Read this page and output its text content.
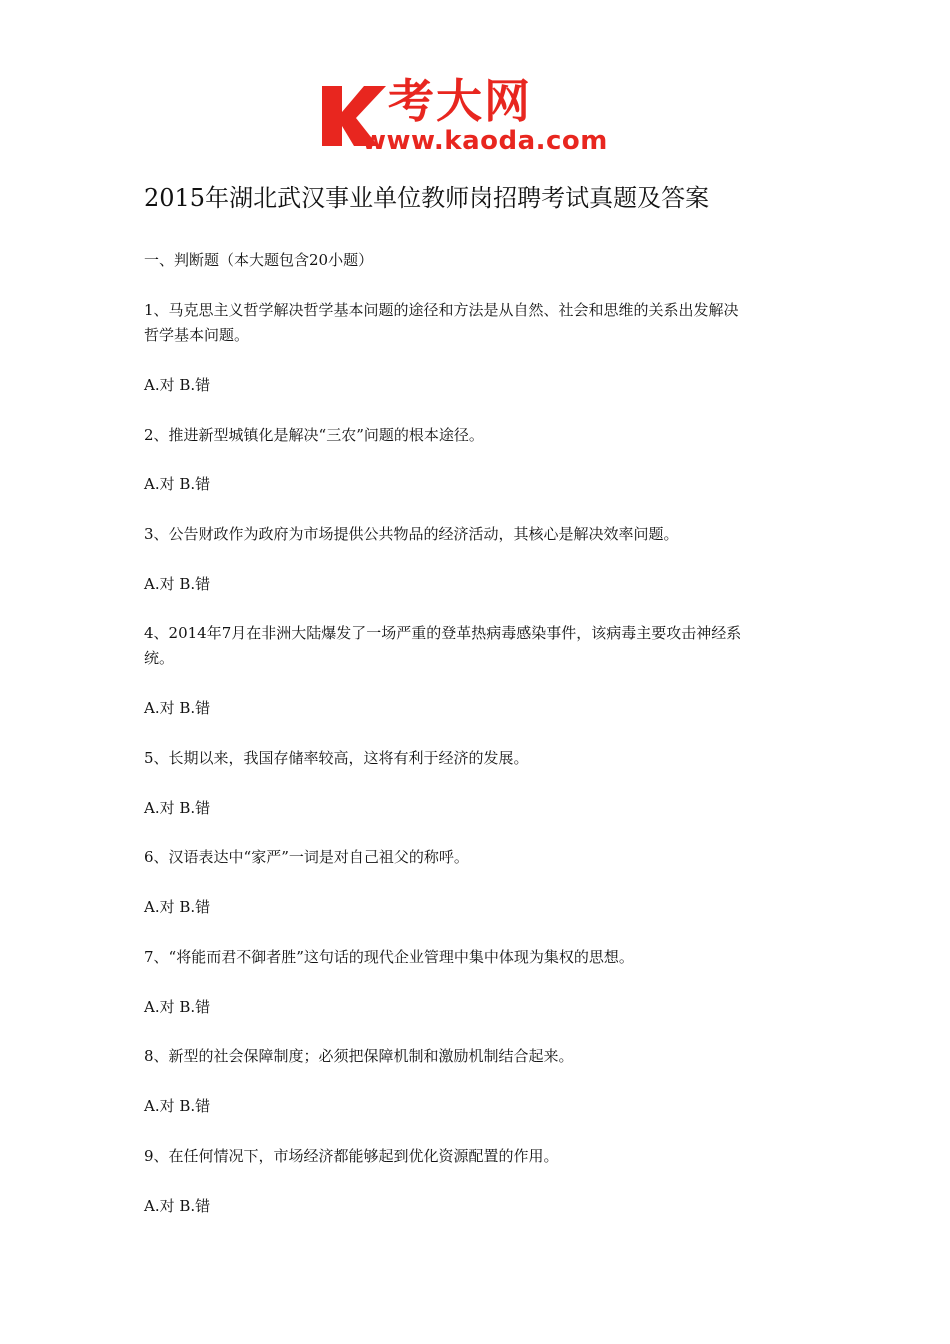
考大网
www.kaoda.com
2015年湖北武汉事业单位教师岗招聘考试真题及答案
一、判断题（本大题包含20小题）
1、马克思主义哲学解决哲学基本问题的途径和方法是从自然、社会和思维的关系出发解决
哲学基本问题。
A.对 B.错
2、推进新型城镇化是解决“三农”问题的根本途径。
A.对 B.错
3、公告财政作为政府为市场提供公共物品的经济活动，其核心是解决效率问题。
A.对 B.错
4、2014年7月在非洲大陆爆发了一场严重的登革热病毒感染事件，该病毒主要攻击神经系
统。
A.对 B.错
5、长期以来，我国存储率较高，这将有利于经济的发展。
A.对 B.错
6、汉语表达中“家严”一词是对自己祖父的称呼。
A.对 B.错
7、“将能而君不御者胜”这句话的现代企业管理中集中体现为集权的思想。
A.对 B.错
8、新型的社会保障制度；必须把保障机制和激励机制结合起来。
A.对 B.错
9、在任何情况下，市场经济都能够起到优化资源配置的作用。
A.对 B.错
